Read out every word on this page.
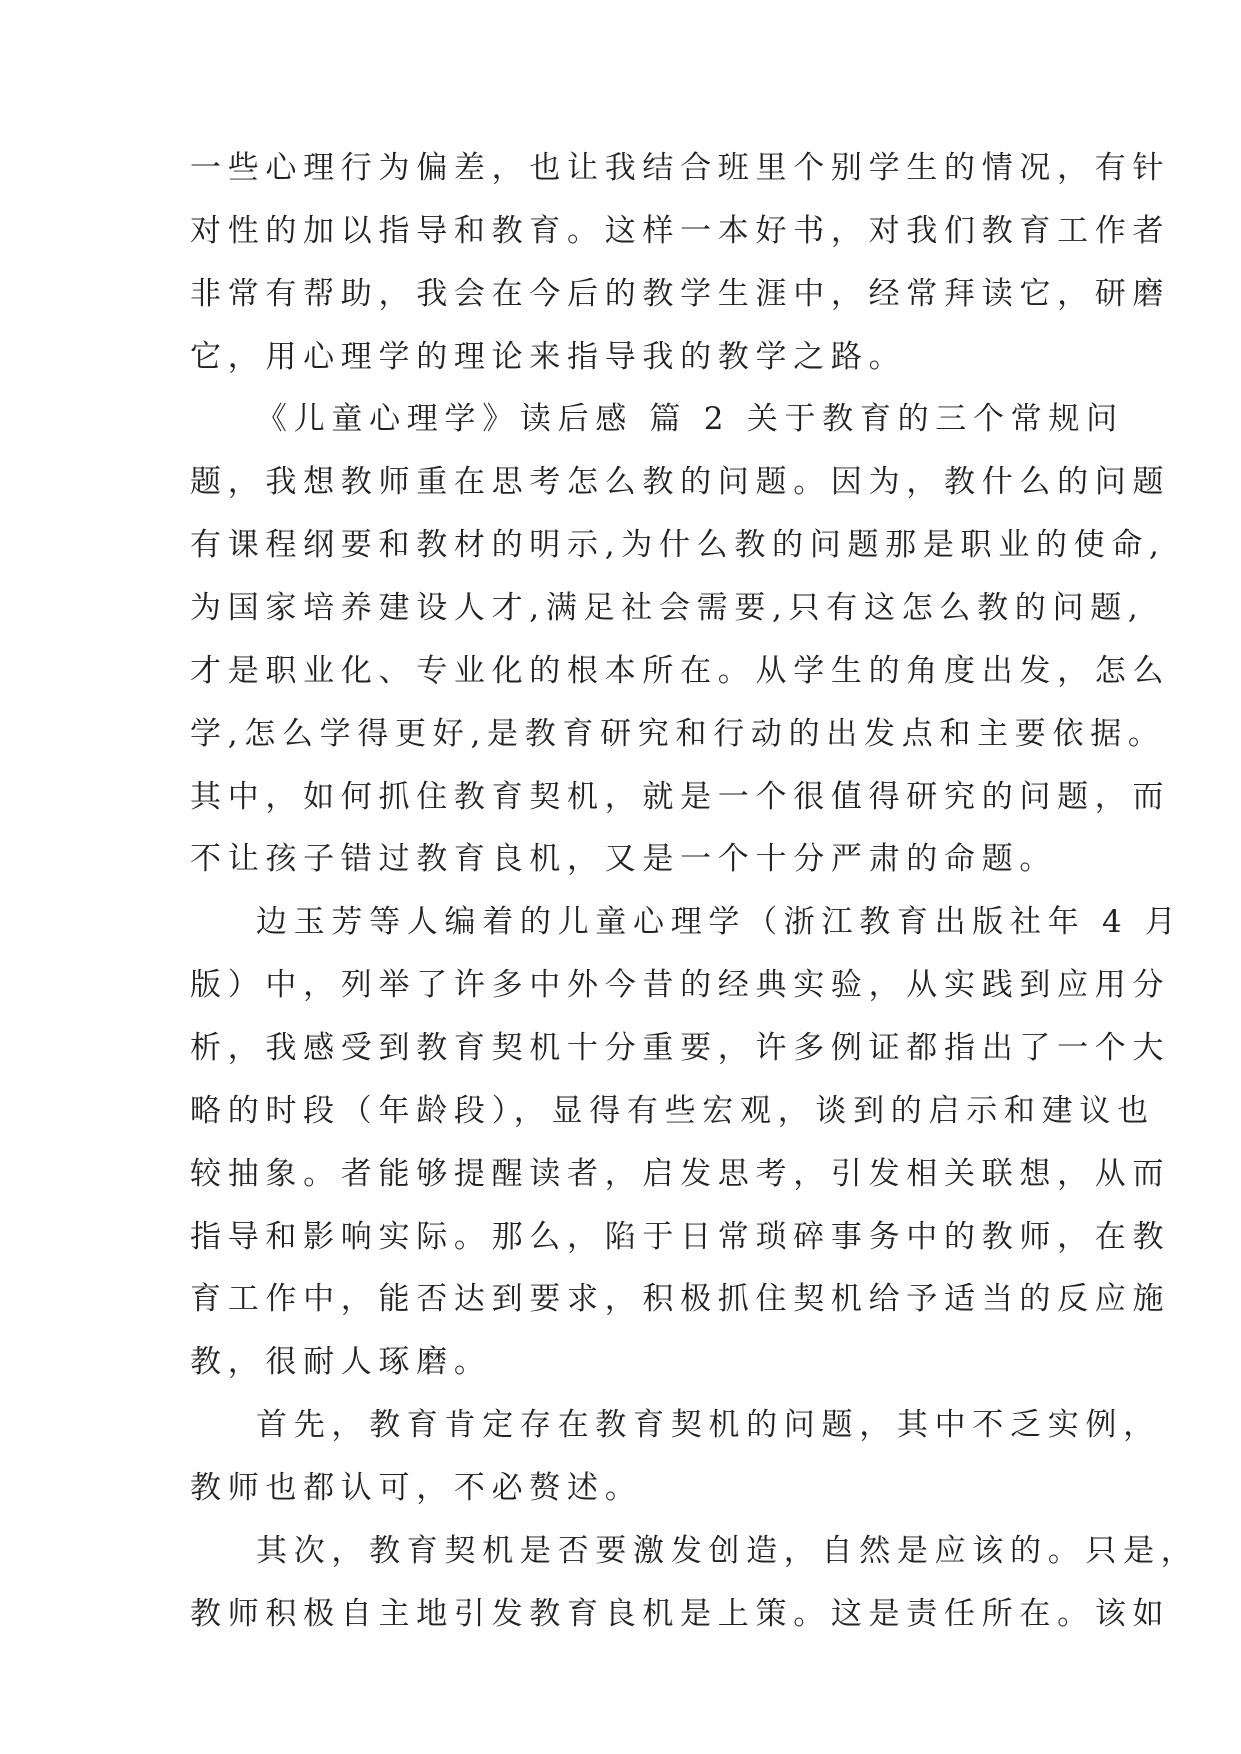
一些心理行为偏差，也让我结合班里个别学生的情况，有针
对性的加以指导和教育。这样一本好书，对我们教育工作者
非常有帮助，我会在今后的教学生涯中，经常拜读它，研磨
它，用心理学的理论来指导我的教学之路。
《儿童心理学》读后感 篇 2 关于教育的三个常规问
题，我想教师重在思考怎么教的问题。因为，教什么的问题
有课程纲要和教材的明示,为什么教的问题那是职业的使命,
为国家培养建设人才,满足社会需要,只有这怎么教的问题,
才是职业化、专业化的根本所在。从学生的角度出发，怎么
学,怎么学得更好,是教育研究和行动的出发点和主要依据。
其中，如何抓住教育契机，就是一个很值得研究的问题，而
不让孩子错过教育良机，又是一个十分严肃的命题。
边玉芳等人编着的儿童心理学（浙江教育出版社年 4 月
版）中，列举了许多中外今昔的经典实验，从实践到应用分
析，我感受到教育契机十分重要，许多例证都指出了一个大
略的时段（年龄段），显得有些宏观，谈到的启示和建议也
较抽象。者能够提醒读者，启发思考，引发相关联想，从而
指导和影响实际。那么，陷于日常琐碎事务中的教师，在教
育工作中，能否达到要求，积极抓住契机给予适当的反应施
教，很耐人琢磨。
首先，教育肯定存在教育契机的问题，其中不乏实例，
教师也都认可，不必赘述。
其次，教育契机是否要激发创造，自然是应该的。只是，
教师积极自主地引发教育良机是上策。这是责任所在。该如
